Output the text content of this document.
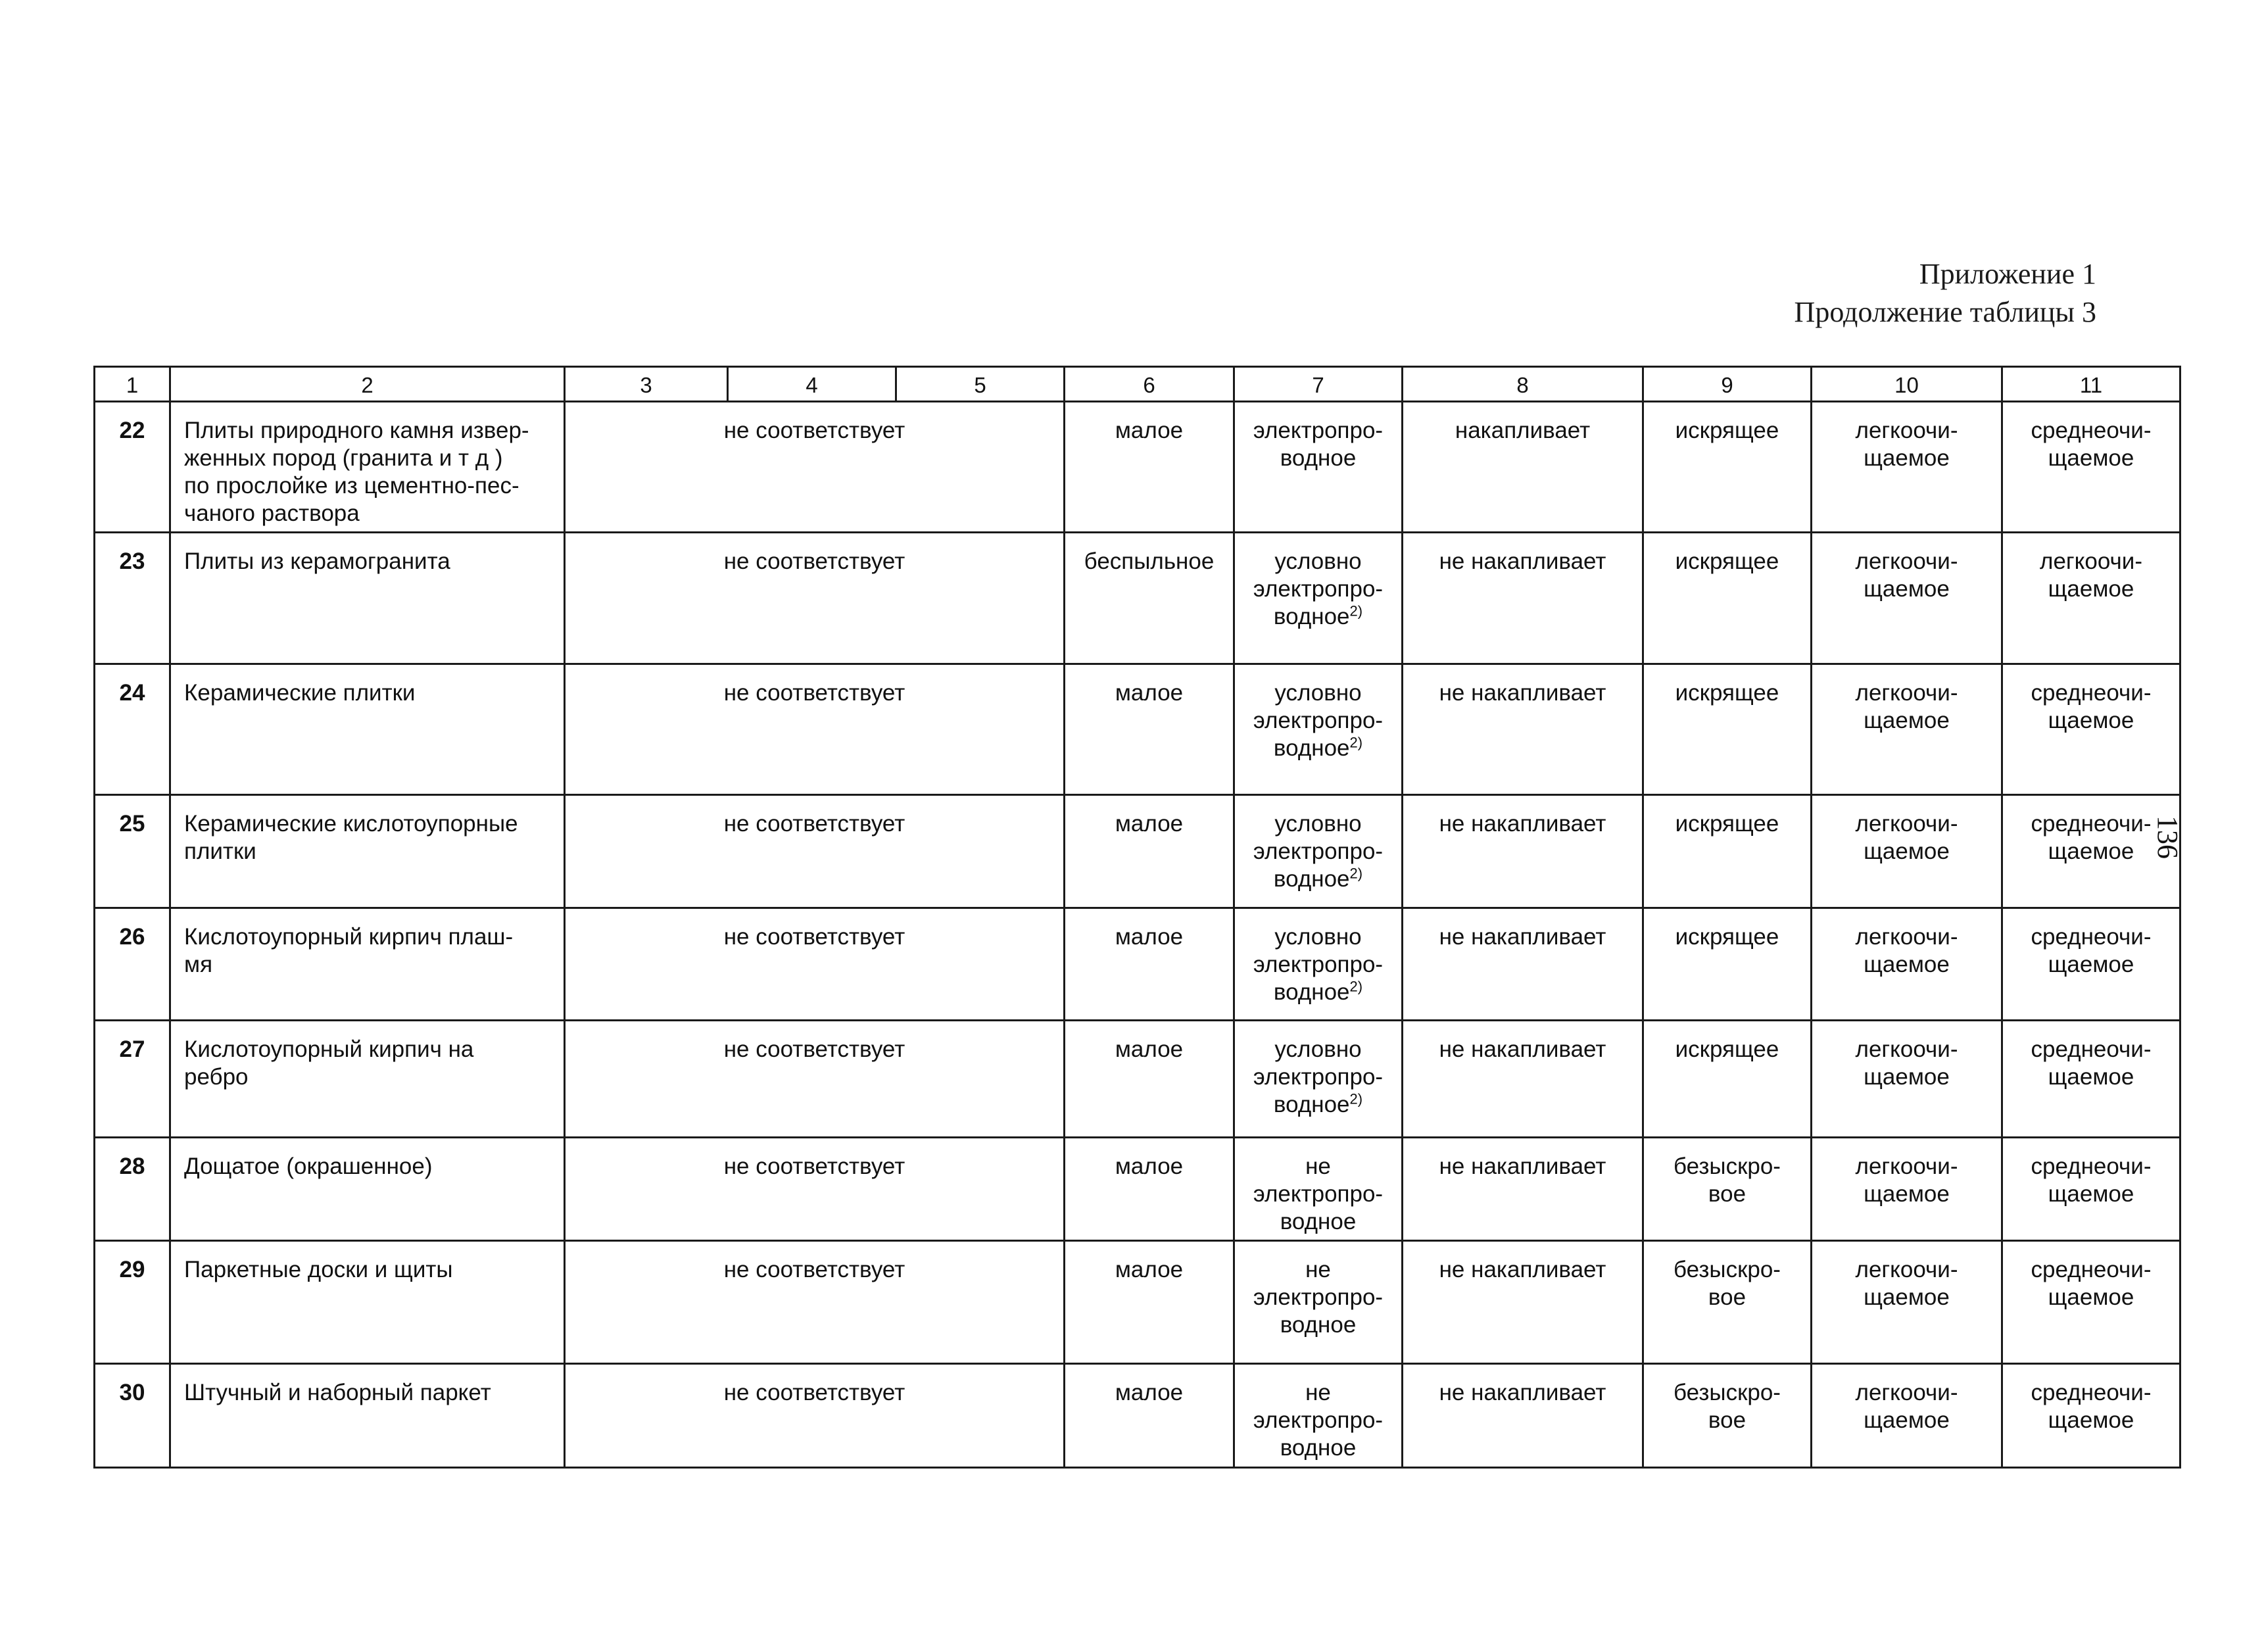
Приложение 1
Продолжение таблицы 3
1	2	3	4	5	6	7	8	9	10	11
22	Плиты природного камня извер-
женных пород (гранита и т д )
по прослойке из цементно-пес-
чаного раствора	не соответствует			малое	электропро-
водное	накапливает	искрящее	легкоочи-
щаемое	среднеочи-
щаемое

23	Плиты из керамогранита	не соответствует			беспыльное	условно
электропро-
водное$^{2)}$	не накапливает	искрящее	легкоочи-
щаемое	легкоочи-
щаемое

24	Керамические плитки	не соответствует			малое	условно
электропро-
водное$^{2)}$	не накапливает	искрящее	легкоочи-
щаемое	среднеочи-
щаемое

25	Керамические кислотоупорные
плитки	не соответствует			малое	условно
электропро-
водное$^{2)}$	не накапливает	искрящее	легкоочи-
щаемое	среднеочи-
щаемое

26	Кислотоупорный кирпич плаш-
мя	не соответствует			малое	условно
электропро-
водное$^{2)}$	не накапливает	искрящее	легкоочи-
щаемое	среднеочи-
щаемое

27	Кислотоупорный кирпич на
ребро	не соответствует			малое	условно
электропро-
водное$^{2)}$	не накапливает	искрящее	легкоочи-
щаемое	среднеочи-
щаемое

28	Дощатое (окрашенное)	не соответствует			малое	не
электропро-
водное	не накапливает	безыскро-
вое	легкоочи-
щаемое	среднеочи-
щаемое

29	Паркетные доски и щиты	не соответствует			малое	не
электропро-
водное	не накапливает	безыскро-
вое	легкоочи-
щаемое	среднеочи-
щаемое

30	Штучный и наборный паркет	не соответствует			малое	не
электропро-
водное	не накапливает	безыскро-
вое	легкоочи-
щаемое	среднеочи-
щаемое
136
